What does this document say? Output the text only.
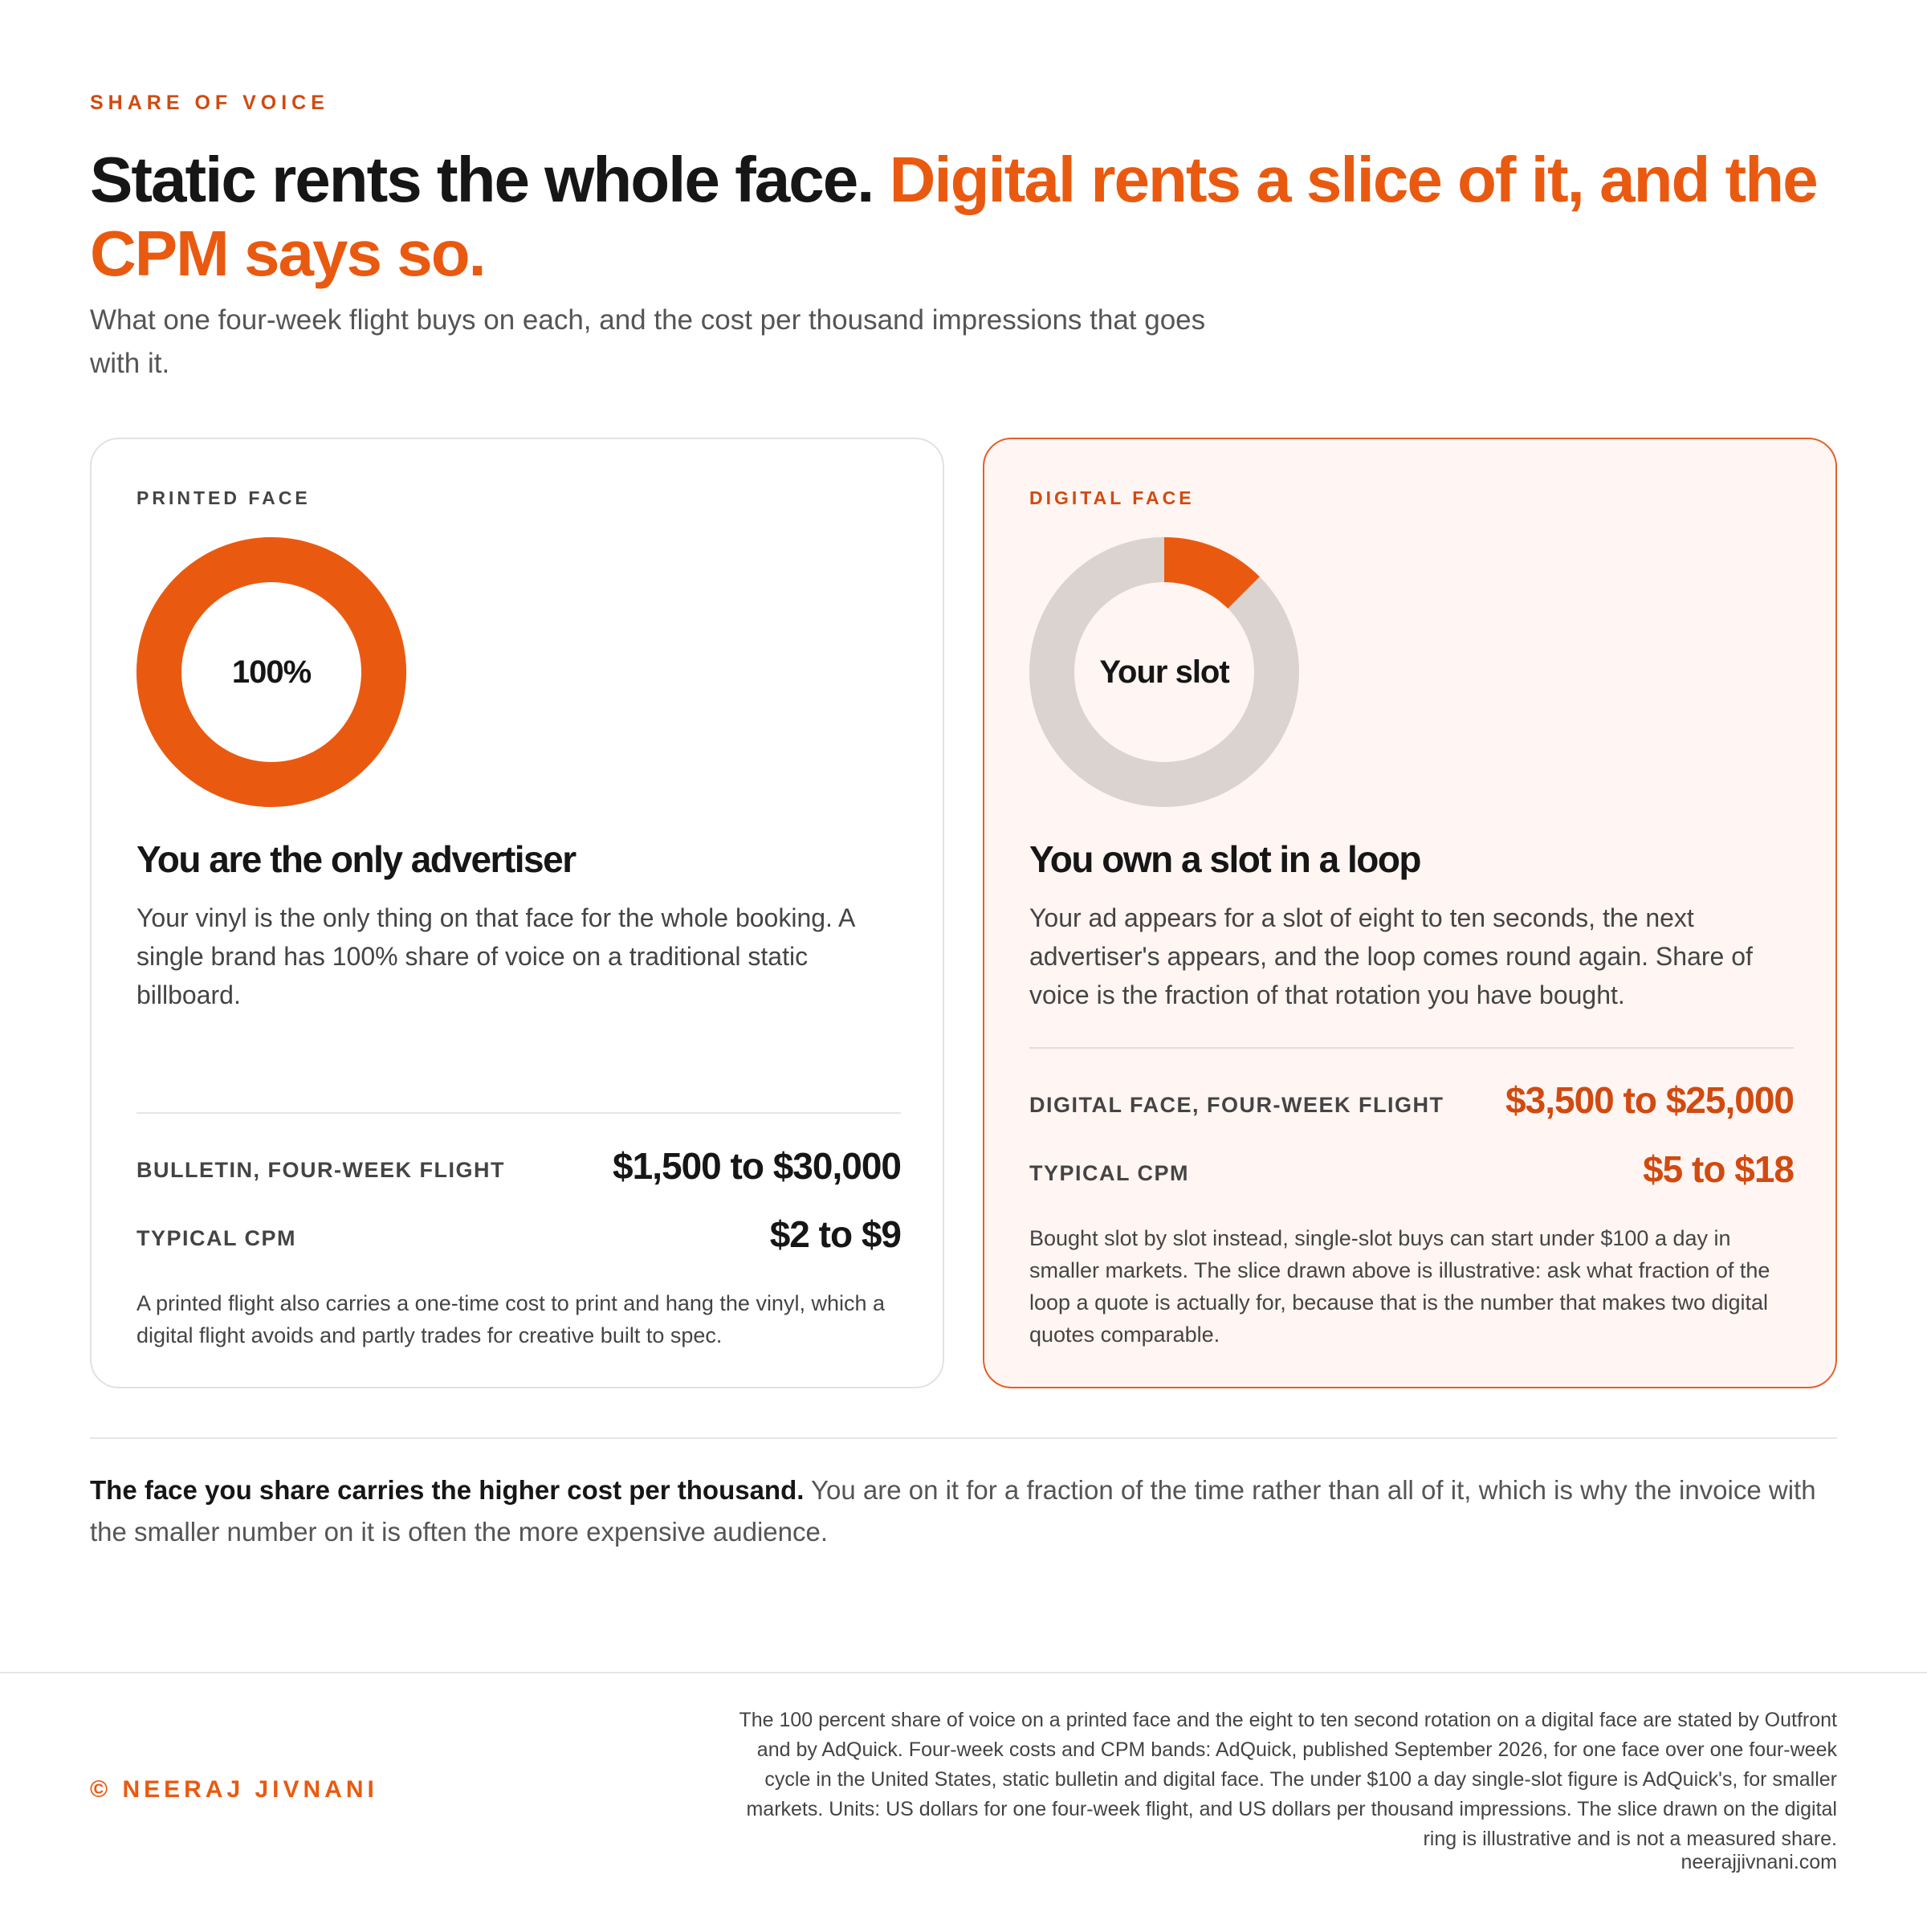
SHARE OF VOICE
Static rents the whole face. Digital rents a slice of it, and the CPM says so.
What one four-week flight buys on each, and the cost per thousand impressions that goes with it.
PRINTED FACE
100%
You are the only advertiser
Your vinyl is the only thing on that face for the whole booking. A single brand has 100% share of voice on a traditional static billboard.
BULLETIN, FOUR-WEEK FLIGHT	$1,500 to $30,000
TYPICAL CPM	$2 to $9
A printed flight also carries a one-time cost to print and hang the vinyl, which a digital flight avoids and partly trades for creative built to spec.
DIGITAL FACE
Your slot
You own a slot in a loop
Your ad appears for a slot of eight to ten seconds, the next advertiser's appears, and the loop comes round again. Share of voice is the fraction of that rotation you have bought.
DIGITAL FACE, FOUR-WEEK FLIGHT $3,500 to $25,000
TYPICAL CPM	$5 to $18
Bought slot by slot instead, single-slot buys can start under $100 a day in smaller markets. The slice drawn above is illustrative: ask what fraction of the loop a quote is actually for, because that is the number that makes two digital quotes comparable.
The face you share carries the higher cost per thousand. You are on it for a fraction of the time rather than all of it, which is why the invoice with the smaller number on it is often the more expensive audience.
© NEERAJ JIVNANI
The 100 percent share of voice on a printed face and the eight to ten second rotation on a digital face are stated by Outfront and by AdQuick. Four-week costs and CPM bands: AdQuick, published September 2026, for one face over one four-week cycle in the United States, static bulletin and digital face. The under $100 a day single-slot figure is AdQuick's, for smaller markets. Units: US dollars for one four-week flight, and US dollars per thousand impressions. The slice drawn on the digital ring is illustrative and is not a measured share.
neerajjivnani.com
